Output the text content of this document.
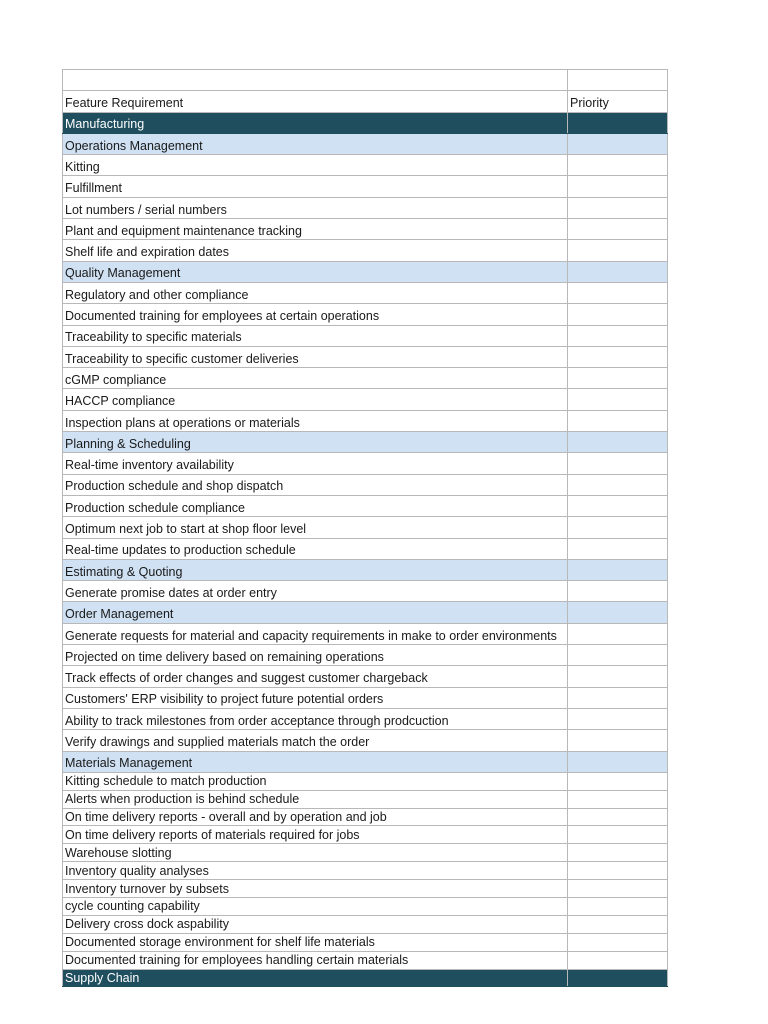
Feature Requirement	Priority
Manufacturing	
Operations Management	
Kitting	
Fulfillment	
Lot numbers / serial numbers	
Plant and equipment maintenance tracking	
Shelf life and expiration dates	
Quality Management	
Regulatory and other compliance	
Documented training for employees at certain operations	
Traceability to specific materials	
Traceability to specific customer deliveries	
cGMP compliance	
HACCP compliance	
Inspection plans at operations or materials	
Planning & Scheduling	
Real-time inventory availability	
Production schedule and shop dispatch	
Production schedule compliance	
Optimum next job to start at shop floor level	
Real-time updates to production schedule	
Estimating & Quoting	
Generate promise dates at order entry	
Order Management	
Generate requests for material and capacity requirements in make to order environments	
Projected on time delivery based on remaining operations	
Track effects of order changes and suggest customer chargeback	
Customers' ERP visibility to project future potential orders	
Ability to track milestones from order acceptance through prodcuction	
Verify drawings and supplied materials match the order	
Materials Management	
Kitting schedule to match production	
Alerts when production is behind schedule	
On time delivery reports - overall and by operation and job	
On time delivery reports of materials required for jobs	
Warehouse slotting	
Inventory quality analyses	
Inventory turnover by subsets	
cycle counting capability	
Delivery cross dock aspability	
Documented storage environment for shelf life materials	
Documented training for employees handling certain materials	
Supply Chain	
